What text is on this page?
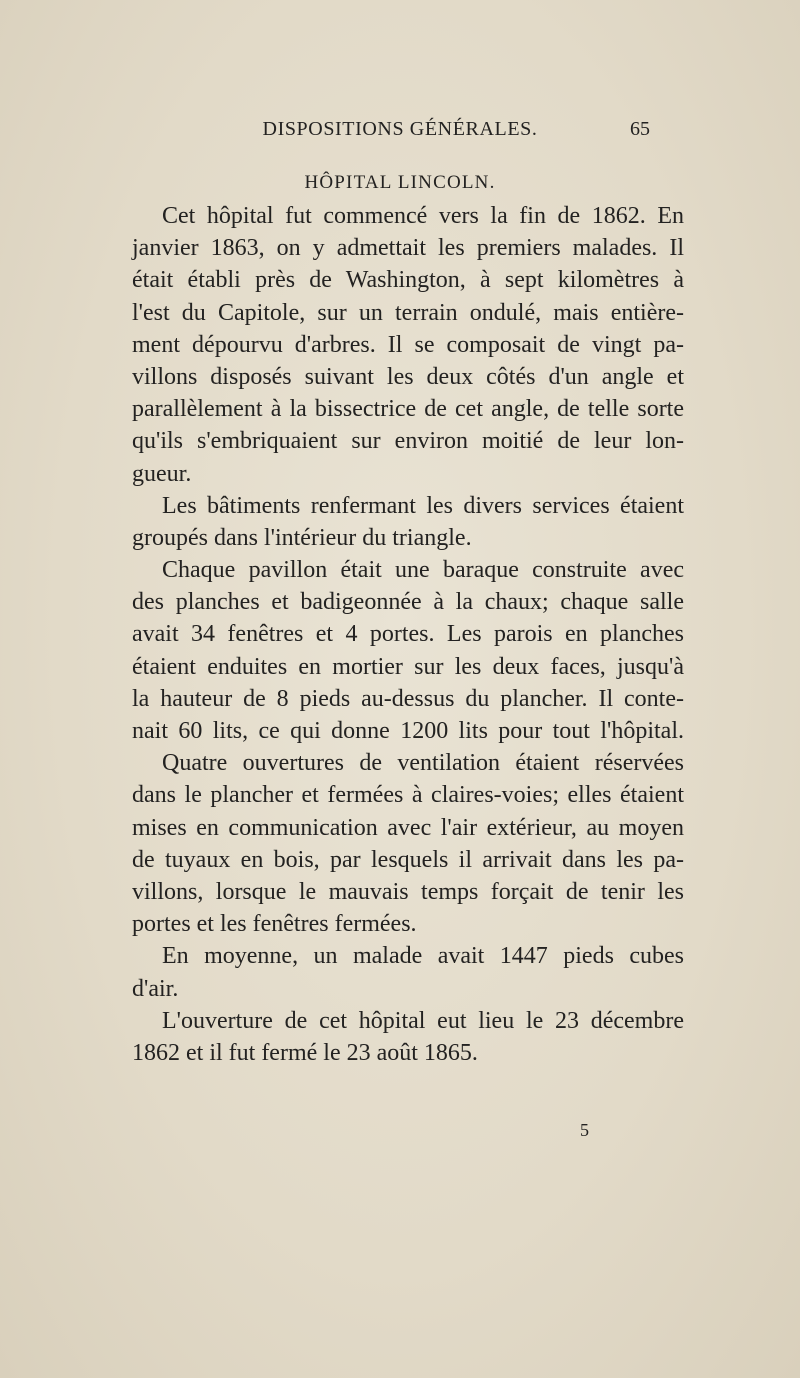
DISPOSITIONS GÉNÉRALES.	65
HÔPITAL LINCOLN.
Cet hôpital fut commencé vers la fin de 1862. En
janvier 1863, on y admettait les premiers malades. Il
était établi près de Washington, à sept kilomètres à
l'est du Capitole, sur un terrain ondulé, mais entière-
ment dépourvu d'arbres. Il se composait de vingt pa-
villons disposés suivant les deux côtés d'un angle et
parallèlement à la bissectrice de cet angle, de telle sorte
qu'ils s'embriquaient sur environ moitié de leur lon-
gueur.
Les bâtiments renfermant les divers services étaient
groupés dans l'intérieur du triangle.
Chaque pavillon était une baraque construite avec
des planches et badigeonnée à la chaux; chaque salle
avait 34 fenêtres et 4 portes. Les parois en planches
étaient enduites en mortier sur les deux faces, jusqu'à
la hauteur de 8 pieds au-dessus du plancher. Il conte-
nait 60 lits, ce qui donne 1200 lits pour tout l'hôpital.
Quatre ouvertures de ventilation étaient réservées
dans le plancher et fermées à claires-voies; elles étaient
mises en communication avec l'air extérieur, au moyen
de tuyaux en bois, par lesquels il arrivait dans les pa-
villons, lorsque le mauvais temps forçait de tenir les
portes et les fenêtres fermées.
En moyenne, un malade avait 1447 pieds cubes
d'air.
L'ouverture de cet hôpital eut lieu le 23 décembre
1862 et il fut fermé le 23 août 1865.
5
